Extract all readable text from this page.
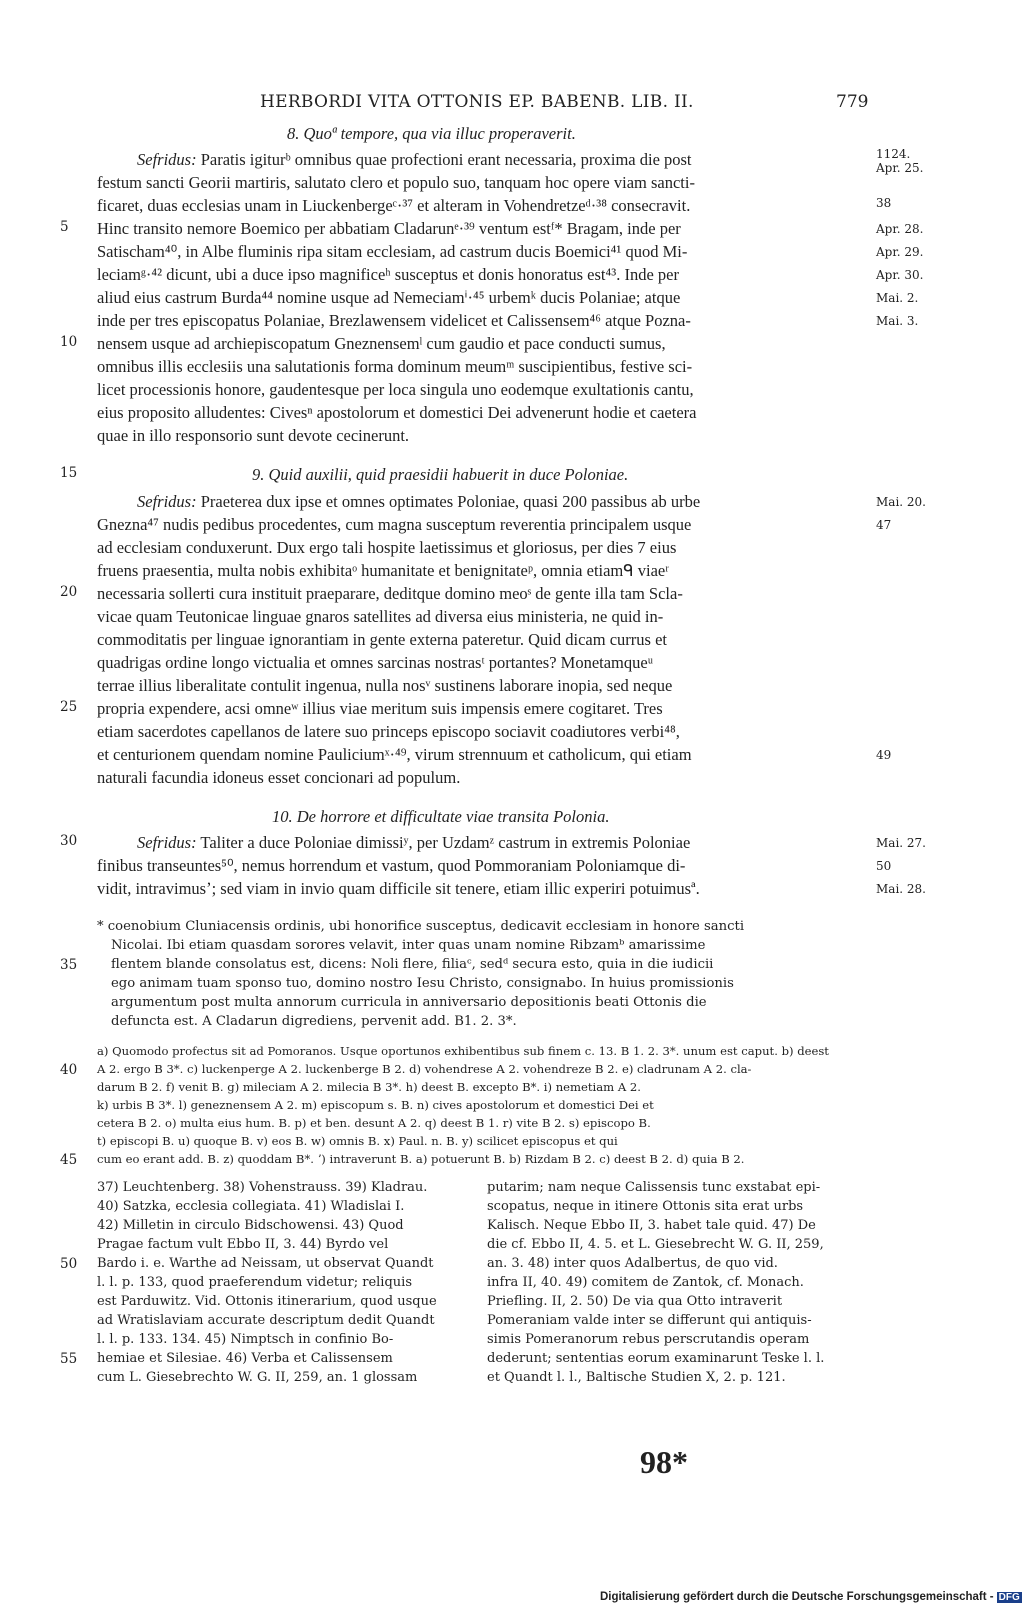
HERBORDI VITA OTTONIS EP. BABENB. LIB. II.	779
8. Quoª tempore, qua via illuc properaverit.
Sefridus: Paratis igiturᵇ omnibus quae profectioni erant necessaria, proxima die post
festum sancti Georii martiris, salutato clero et populo suo, tanquam hoc opere viam sancti-
ficaret, duas ecclesias unam in Liuckenbergeᶜ·³⁷ et alteram in Vohendretzeᵈ·³⁸ consecravit.
Hinc transito nemore Boemico per abbatiam Cladarunᵉ·³⁹ ventum estᶠ* Bragam, inde per
Satischam⁴⁰, in Albe fluminis ripa sitam ecclesiam, ad castrum ducis Boemici⁴¹ quod Mi-
leciamᵍ·⁴² dicunt, ubi a duce ipso magnificeʰ susceptus et donis honoratus est⁴³. Inde per
aliud eius castrum Burda⁴⁴ nomine usque ad Nemeciamⁱ·⁴⁵ urbemᵏ ducis Polaniae; atque
inde per tres episcopatus Polaniae, Brezlawensem videlicet et Calissensem⁴⁶ atque Pozna-
nensem usque ad archiepiscopatum Gneznensemˡ cum gaudio et pace conducti sumus,
omnibus illis ecclesiis una salutationis forma dominum meumᵐ suscipientibus, festive sci-
licet processionis honore, gaudentesque per loca singula uno eodemque exultationis cantu,
eius proposito alludentes: Civesⁿ apostolorum et domestici Dei advenerunt hodie et caetera
quae in illo responsorio sunt devote cecinerunt.
9. Quid auxilii, quid praesidii habuerit in duce Poloniae.
Sefridus: Praeterea dux ipse et omnes optimates Poloniae, quasi 200 passibus ab urbe
Gnezna⁴⁷ nudis pedibus procedentes, cum magna susceptum reverentia principalem usque
ad ecclesiam conduxerunt. Dux ergo tali hospite laetissimus et gloriosus, per dies 7 eius
fruens praesentia, multa nobis exhibitaᵒ humanitate et benignitateᵖ, omnia etiamᑫ viaeʳ
necessaria sollerti cura instituit praeparare, deditque domino meoˢ de gente illa tam Scla-
vicae quam Teutonicae linguae gnaros satellites ad diversa eius ministeria, ne quid in-
commoditatis per linguae ignorantiam in gente externa pateretur. Quid dicam currus et
quadrigas ordine longo victualia et omnes sarcinas nostrasᵗ portantes? Monetamqueᵘ
terrae illius liberalitate contulit ingenua, nulla nosᵛ sustinens laborare inopia, sed neque
propria expendere, acsi omneʷ illius viae meritum suis impensis emere cogitaret. Tres
etiam sacerdotes capellanos de latere suo princeps episcopo sociavit coadiutores verbi⁴⁸,
et centurionem quendam nomine Pauliciumˣ·⁴⁹, virum strennuum et catholicum, qui etiam
naturali facundia idoneus esset concionari ad populum.
10. De horrore et difficultate viae transita Polonia.
Sefridus: Taliter a duce Poloniae dimissiʸ, per Uzdamᶻ castrum in extremis Poloniae
finibus transeuntes⁵⁰, nemus horrendum et vastum, quod Pommoraniam Poloniamque di-
vidit, intravimusʼ; sed viam in invio quam difficile sit tenere, etiam illic experiri potuimusª.
* coenobium Cluniacensis ordinis, ubi honorifice susceptus, dedicavit ecclesiam in honore sancti
Nicolai. Ibi etiam quasdam sorores velavit, inter quas unam nomine Ribzamᵇ amarissime
flentem blande consolatus est, dicens: Noli flere, filiaᶜ, sedᵈ secura esto, quia in die iudicii
ego animam tuam sponso tuo, domino nostro Iesu Christo, consignabo. In huius promissionis
argumentum post multa annorum curricula in anniversario depositionis beati Ottonis die
defuncta est. A Cladarun digrediens, pervenit add. B1. 2. 3*.
a) Quomodo profectus sit ad Pomoranos. Usque oportunos exhibentibus sub finem c. 13. B 1. 2. 3*. unum est caput. b) deest
A 2. ergo B 3*. c) luckenperge A 2. luckenberge B 2. d) vohendrese A 2. vohendreze B 2. e) cladrunam A 2. cla-
darum B 2. f) venit B. g) mileciam A 2. milecia B 3*. h) deest B. excepto B*. i) nemetiam A 2.
k) urbis B 3*. l) geneznensem A 2. m) episcopum s. B. n) cives apostolorum et domestici Dei et
cetera B 2. o) multa eius hum. B. p) et ben. desunt A 2. q) deest B 1. r) vite B 2. s) episcopo B.
t) episcopi B. u) quoque B. v) eos B. w) omnis B. x) Paul. n. B. y) scilicet episcopus et qui
cum eo erant add. B. z) quoddam B*. ʼ) intraverunt B. a) potuerunt B. b) Rizdam B 2. c) deest B 2. d) quia B 2.
37) Leuchtenberg. 38) Vohenstrauss. 39) Kladrau.
40) Satzka, ecclesia collegiata. 41) Wladislai I.
42) Milletin in circulo Bidschowensi. 43) Quod
Pragae factum vult Ebbo II, 3. 44) Byrdo vel
Bardo i. e. Warthe ad Neissam, ut observat Quandt
l. l. p. 133, quod praeferendum videtur; reliquis
est Parduwitz. Vid. Ottonis itinerarium, quod usque
ad Wratislaviam accurate descriptum dedit Quandt
l. l. p. 133. 134. 45) Nimptsch in confinio Bo-
hemiae et Silesiae. 46) Verba et Calissensem
cum L. Giesebrechto W. G. II, 259, an. 1 glossam
putarim; nam neque Calissensis tunc exstabat epi-
scopatus, neque in itinere Ottonis sita erat urbs
Kalisch. Neque Ebbo II, 3. habet tale quid. 47) De
die cf. Ebbo II, 4. 5. et L. Giesebrecht W. G. II, 259,
an. 3. 48) inter quos Adalbertus, de quo vid.
infra II, 40. 49) comitem de Zantok, cf. Monach.
Priefling. II, 2. 50) De via qua Otto intraverit
Pomeraniam valde inter se differunt qui antiquis-
simis Pomeranorum rebus perscrutandis operam
dederunt; sententias eorum examinarunt Teske l. l.
et Quandt l. l., Baltische Studien X, 2. p. 121.
5
10
15
20
25
30
35
40
45
50
55
1124.
Apr. 25.
38
Apr. 28.
Apr. 29.
Apr. 30.
Mai. 2.
Mai. 3.
Mai. 20.
47
49
Mai. 27.
50
Mai. 28.
98*
Digitalisierung gefördert durch die Deutsche Forschungsgemeinschaft - DFG
